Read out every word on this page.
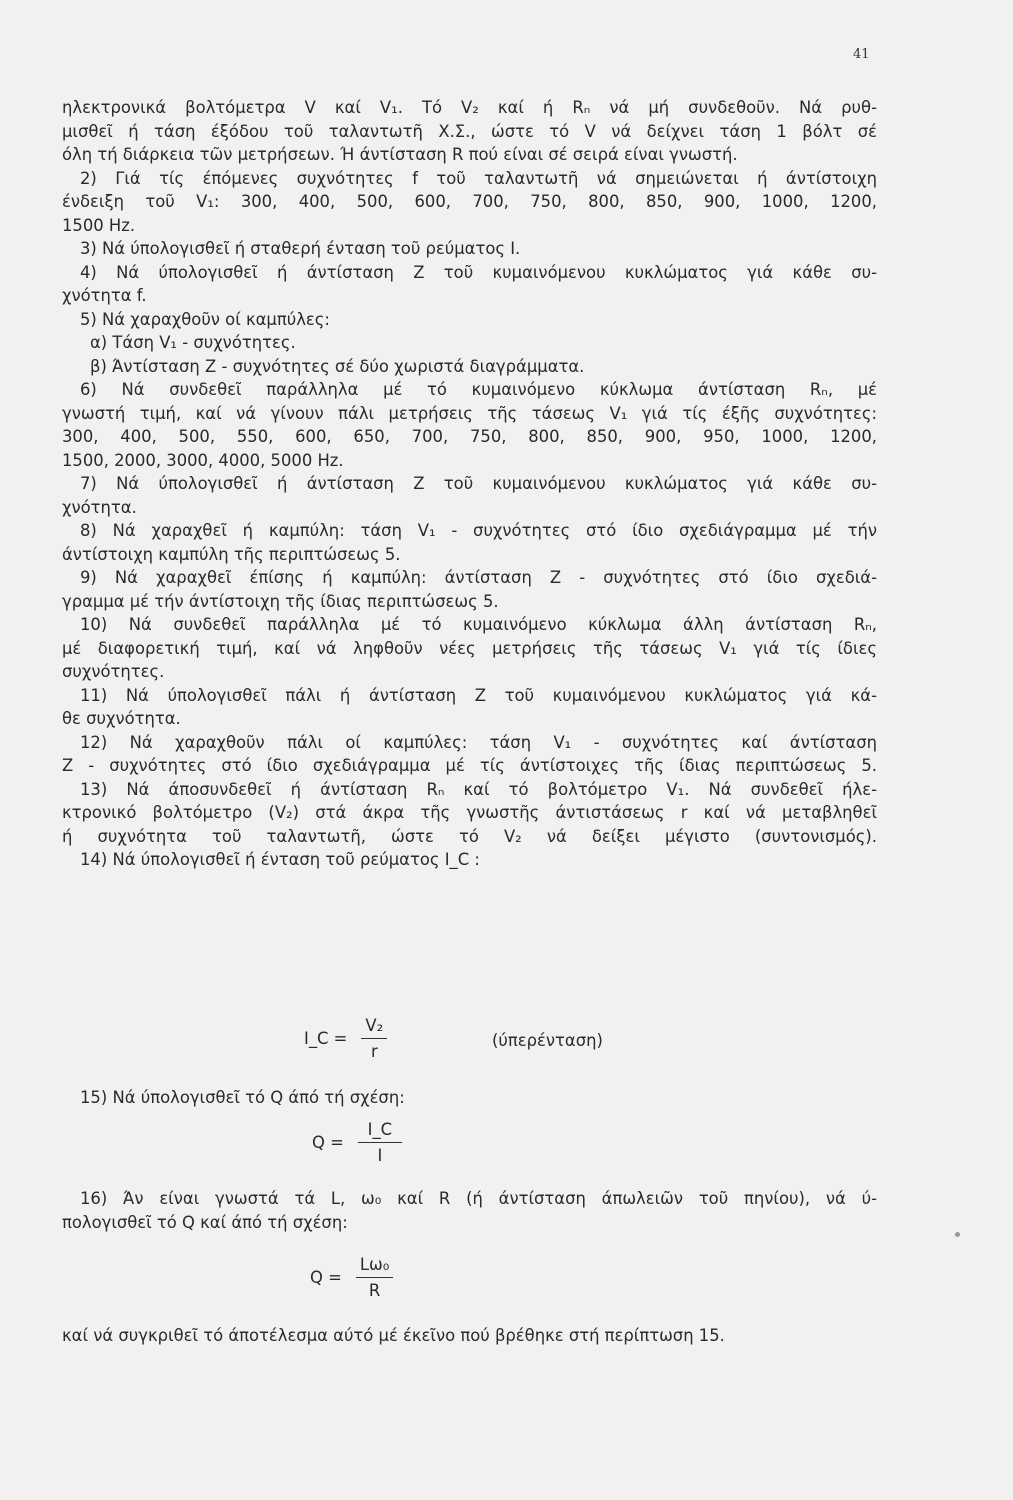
41
ηλεκτρονικά βολτόμετρα V καί V₁. Τό V₂ καί ή Rₙ νά μή συνδεθοῦν. Νά ρυθ-
μισθεῖ ή τάση έξόδου τοῦ ταλαντωτῆ Χ.Σ., ώστε τό V νά δείχνει τάση 1 βόλτ σέ
όλη τή διάρκεια τῶν μετρήσεων. Ή άντίσταση R πού είναι σέ σειρά είναι γνωστή.
2) Γιά τίς έπόμενες συχνότητες f τοῦ ταλαντωτῆ νά σημειώνεται ή άντίστοιχη
ένδειξη τοῦ V₁: 300, 400, 500, 600, 700, 750, 800, 850, 900, 1000, 1200,
1500 Hz.
3) Νά ύπολογισθεῖ ή σταθερή ένταση τοῦ ρεύματος I.
4) Νά ύπολογισθεῖ ή άντίσταση Z τοῦ κυμαινόμενου κυκλώματος γιά κάθε συ-
χνότητα f.
5) Νά χαραχθοῦν οί καμπύλες:
α) Τάση V₁ - συχνότητες.
β) Άντίσταση Z - συχνότητες σέ δύο χωριστά διαγράμματα.
6) Νά συνδεθεῖ παράλληλα μέ τό κυμαινόμενο κύκλωμα άντίσταση Rₙ, μέ
γνωστή τιμή, καί νά γίνουν πάλι μετρήσεις τῆς τάσεως V₁ γιά τίς έξῆς συχνότητες:
300, 400, 500, 550, 600, 650, 700, 750, 800, 850, 900, 950, 1000, 1200,
1500, 2000, 3000, 4000, 5000 Hz.
7) Νά ύπολογισθεῖ ή άντίσταση Z τοῦ κυμαινόμενου κυκλώματος γιά κάθε συ-
χνότητα.
8) Νά χαραχθεῖ ή καμπύλη: τάση V₁ - συχνότητες στό ίδιο σχεδιάγραμμα μέ τήν
άντίστοιχη καμπύλη τῆς περιπτώσεως 5.
9) Νά χαραχθεῖ έπίσης ή καμπύλη: άντίσταση Z - συχνότητες στό ίδιο σχεδιά-
γραμμα μέ τήν άντίστοιχη τῆς ίδιας περιπτώσεως 5.
10) Νά συνδεθεῖ παράλληλα μέ τό κυμαινόμενο κύκλωμα άλλη άντίσταση Rₙ,
μέ διαφορετική τιμή, καί νά ληφθοῦν νέες μετρήσεις τῆς τάσεως V₁ γιά τίς ίδιες
συχνότητες.
11) Νά ύπολογισθεῖ πάλι ή άντίσταση Z τοῦ κυμαινόμενου κυκλώματος γιά κά-
θε συχνότητα.
12) Νά χαραχθοῦν πάλι οί καμπύλες: τάση V₁ - συχνότητες καί άντίσταση
Z - συχνότητες στό ίδιο σχεδιάγραμμα μέ τίς άντίστοιχες τῆς ίδιας περιπτώσεως 5.
13) Νά άποσυνδεθεῖ ή άντίσταση Rₙ καί τό βολτόμετρο V₁. Νά συνδεθεῖ ήλε-
κτρονικό βολτόμετρο (V₂) στά άκρα τῆς γνωστῆς άντιστάσεως r καί νά μεταβληθεῖ
ή συχνότητα τοῦ ταλαντωτῆ, ώστε τό V₂ νά δείξει μέγιστο (συντονισμός).
14) Νά ύπολογισθεῖ ή ένταση τοῦ ρεύματος I_C :
I_C = $\frac{\text{V₂}}{r}$	(ύπερένταση)
15) Νά ύπολογισθεῖ τό Q άπό τή σχέση:
$Q = \frac{I\_C}{I}$
16) Άν είναι γνωστά τά L, ω₀ καί R (ή άντίσταση άπωλειῶν τοῦ πηνίου), νά ύ-
πολογισθεῖ τό Q καί άπό τή σχέση:
$Q = \frac{\text{Lω₀}}{R}$
καί νά συγκριθεῖ τό άποτέλεσμα αύτό μέ έκεῖνο πού βρέθηκε στή περίπτωση 15.
